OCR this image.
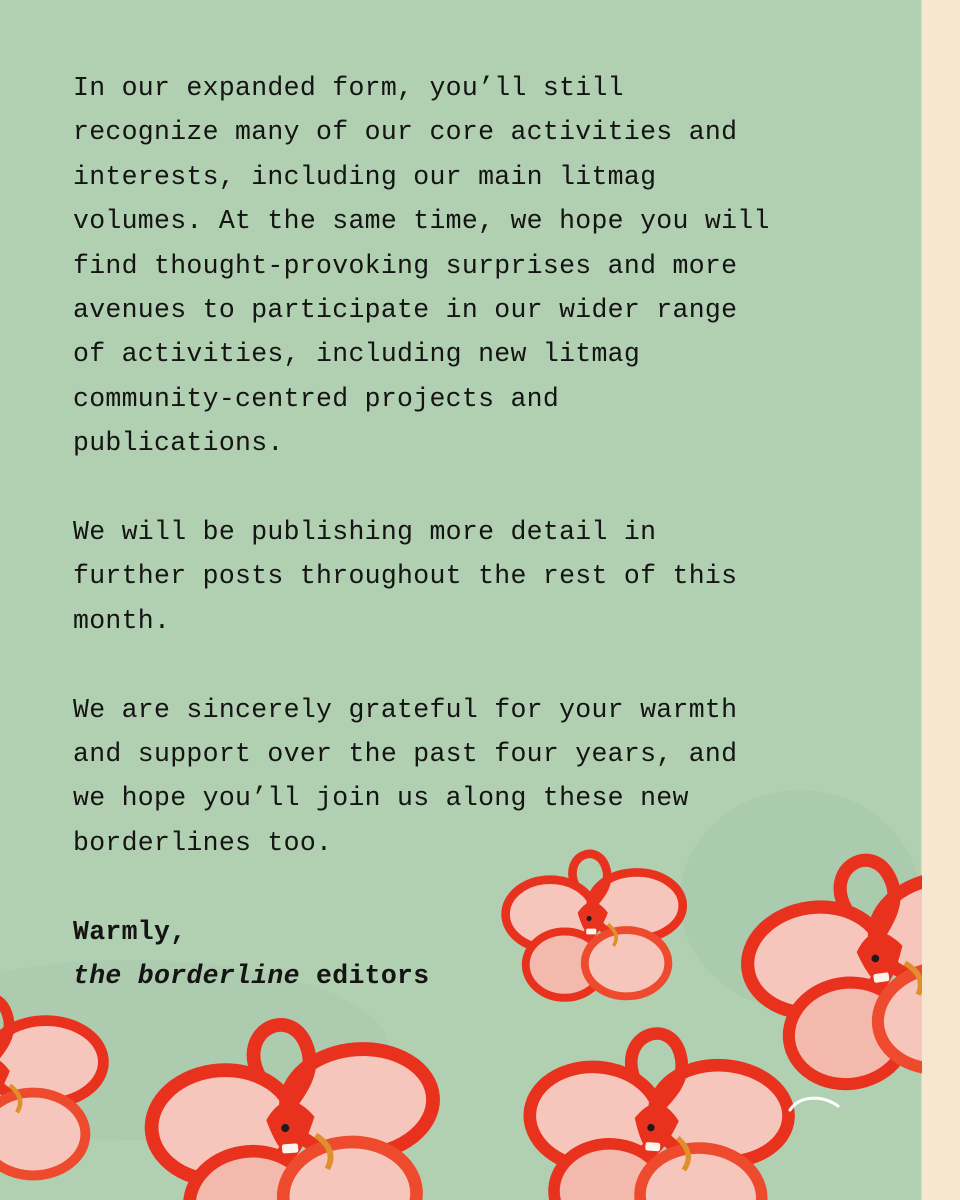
In our expanded form, you’ll still
recognize many of our core activities and
interests, including our main litmag
volumes. At the same time, we hope you will
find thought-provoking surprises and more
avenues to participate in our wider range
of activities, including new litmag
community-centred projects and
publications.

We will be publishing more detail in
further posts throughout the rest of this
month.

We are sincerely grateful for your warmth
and support over the past four years, and
we hope you’ll join us along these new
borderlines too.

Warmly,
the borderline editors
